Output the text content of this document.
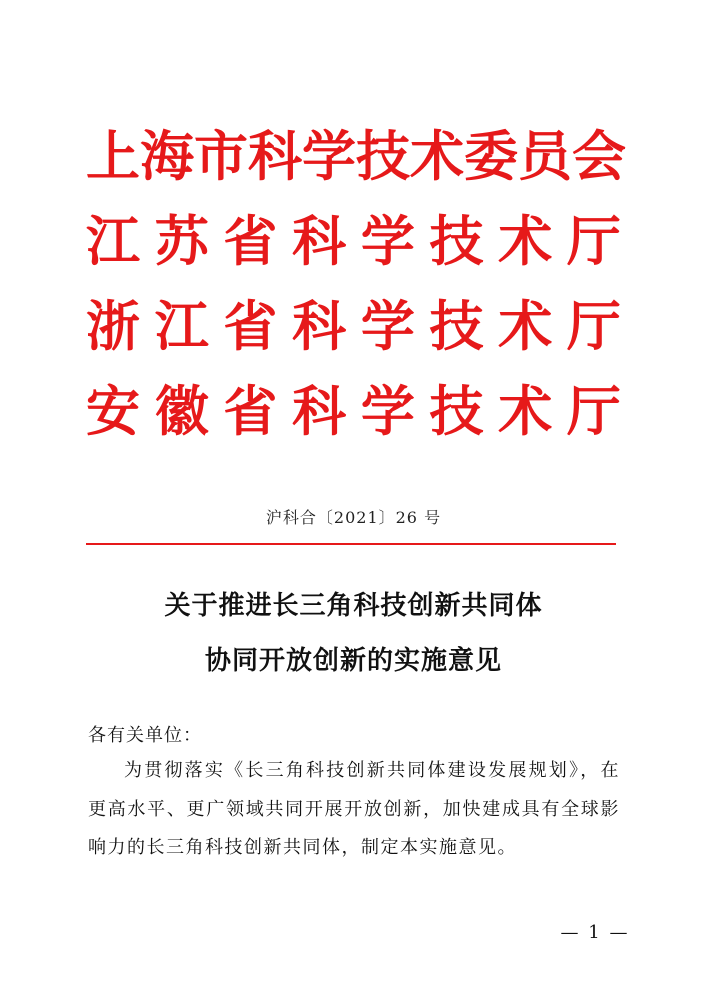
上 海 市 科 学 技 术 委 员 会
江 苏 省 科 学 技 术 厅
浙 江 省 科 学 技 术 厅
安 徽 省 科 学 技 术 厅
沪科合〔2021〕26 号
关于推进长三角科技创新共同体
协同开放创新的实施意见
各有关单位：

为贯彻落实《长三角科技创新共同体建设发展规划》，在更高水平、更广领域共同开展开放创新，加快建成具有全球影响力的长三角科技创新共同体，制定本实施意见。

— 1 —
